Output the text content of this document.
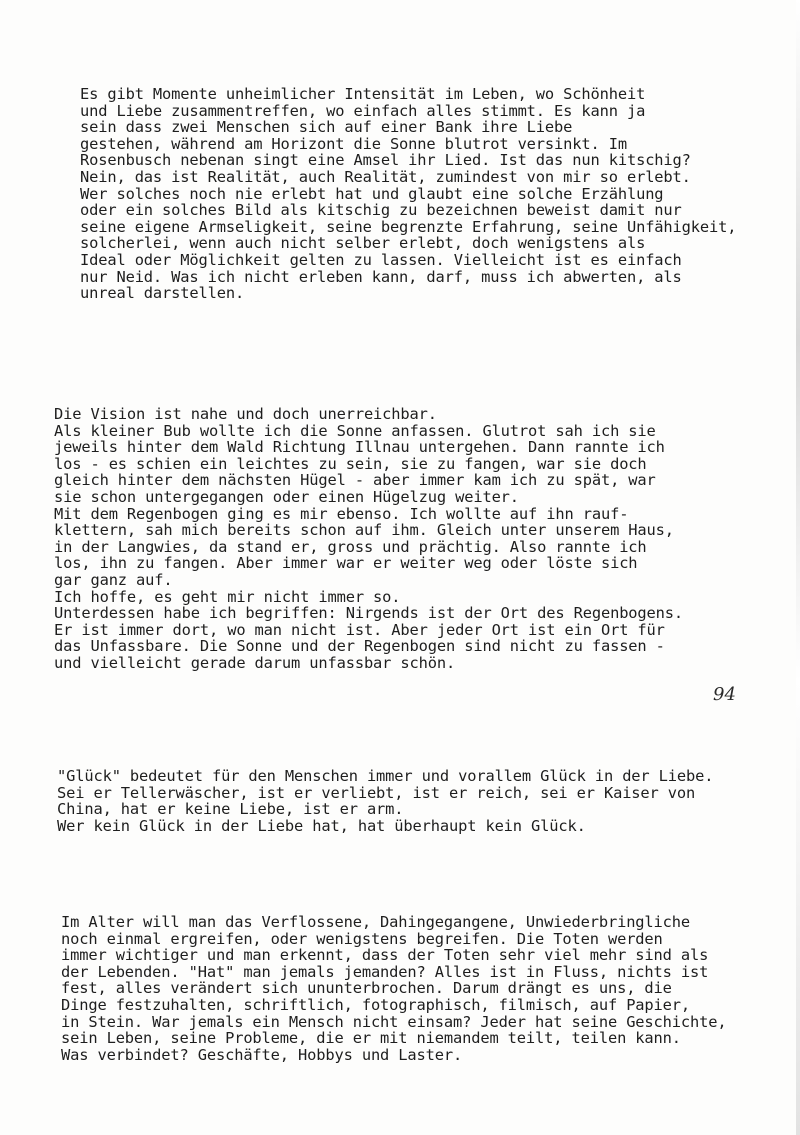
Es gibt Momente unheimlicher Intensität im Leben, wo Schönheit
und Liebe zusammentreffen, wo einfach alles stimmt. Es kann ja
sein dass zwei Menschen sich auf einer Bank ihre Liebe
gestehen, während am Horizont die Sonne blutrot versinkt. Im
Rosenbusch nebenan singt eine Amsel ihr Lied. Ist das nun kitschig?
Nein, das ist Realität, auch Realität, zumindest von mir so erlebt.
Wer solches noch nie erlebt hat und glaubt eine solche Erzählung
oder ein solches Bild als kitschig zu bezeichnen beweist damit nur
seine eigene Armseligkeit, seine begrenzte Erfahrung, seine Unfähigkeit,
solcherlei, wenn auch nicht selber erlebt, doch wenigstens als
Ideal oder Möglichkeit gelten zu lassen. Vielleicht ist es einfach
nur Neid. Was ich nicht erleben kann, darf, muss ich abwerten, als
unreal darstellen.
Die Vision ist nahe und doch unerreichbar.
Als kleiner Bub wollte ich die Sonne anfassen. Glutrot sah ich sie
jeweils hinter dem Wald Richtung Illnau untergehen. Dann rannte ich
los - es schien ein leichtes zu sein, sie zu fangen, war sie doch
gleich hinter dem nächsten Hügel - aber immer kam ich zu spät, war
sie schon untergegangen oder einen Hügelzug weiter.
Mit dem Regenbogen ging es mir ebenso. Ich wollte auf ihn rauf-
klettern, sah mich bereits schon auf ihm. Gleich unter unserem Haus,
in der Langwies, da stand er, gross und prächtig. Also rannte ich
los, ihn zu fangen. Aber immer war er weiter weg oder löste sich
gar ganz auf.
Ich hoffe, es geht mir nicht immer so.
Unterdessen habe ich begriffen: Nirgends ist der Ort des Regenbogens.
Er ist immer dort, wo man nicht ist. Aber jeder Ort ist ein Ort für
das Unfassbare. Die Sonne und der Regenbogen sind nicht zu fassen -
und vielleicht gerade darum unfassbar schön.
94
"Glück" bedeutet für den Menschen immer und vorallem Glück in der Liebe.
Sei er Tellerwäscher, ist er verliebt, ist er reich, sei er Kaiser von
China, hat er keine Liebe, ist er arm.
Wer kein Glück in der Liebe hat, hat überhaupt kein Glück.
Im Alter will man das Verflossene, Dahingegangene, Unwiederbringliche
noch einmal ergreifen, oder wenigstens begreifen. Die Toten werden
immer wichtiger und man erkennt, dass der Toten sehr viel mehr sind als
der Lebenden. "Hat" man jemals jemanden? Alles ist in Fluss, nichts ist
fest, alles verändert sich ununterbrochen. Darum drängt es uns, die
Dinge festzuhalten, schriftlich, fotographisch, filmisch, auf Papier,
in Stein. War jemals ein Mensch nicht einsam? Jeder hat seine Geschichte,
sein Leben, seine Probleme, die er mit niemandem teilt, teilen kann.
Was verbindet? Geschäfte, Hobbys und Laster.
